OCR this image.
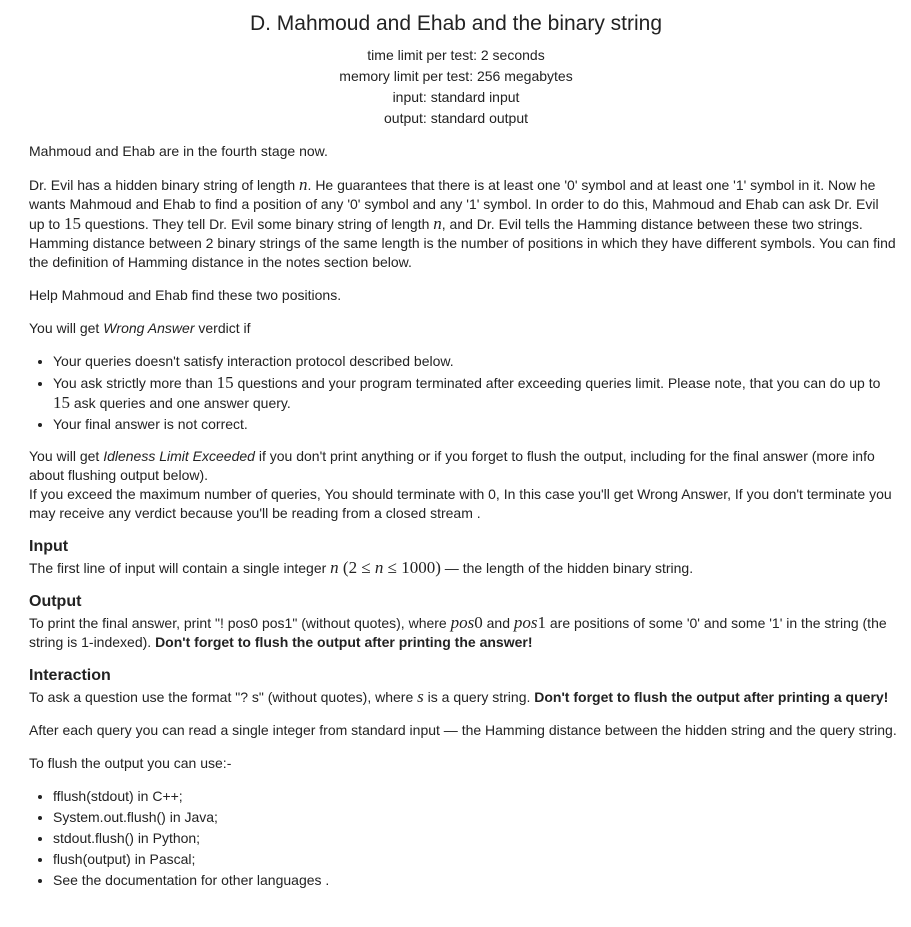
D. Mahmoud and Ehab and the binary string
time limit per test: 2 seconds
memory limit per test: 256 megabytes
input: standard input
output: standard output

Mahmoud and Ehab are in the fourth stage now.

Dr. Evil has a hidden binary string of length n. He guarantees that there is at least one '0' symbol and at least one '1' symbol in it. Now he wants Mahmoud and Ehab to find a position of any '0' symbol and any '1' symbol. In order to do this, Mahmoud and Ehab can ask Dr. Evil up to 15 questions. They tell Dr. Evil some binary string of length n, and Dr. Evil tells the Hamming distance between these two strings. Hamming distance between 2 binary strings of the same length is the number of positions in which they have different symbols. You can find the definition of Hamming distance in the notes section below.

Help Mahmoud and Ehab find these two positions.

You will get Wrong Answer verdict if

• Your queries doesn't satisfy interaction protocol described below.
• You ask strictly more than 15 questions and your program terminated after exceeding queries limit. Please note, that you can do up to 15 ask queries and one answer query.
• Your final answer is not correct.

You will get Idleness Limit Exceeded if you don't print anything or if you forget to flush the output, including for the final answer (more info about flushing output below).

If you exceed the maximum number of queries, You should terminate with 0, In this case you'll get Wrong Answer, If you don't terminate you may receive any verdict because you'll be reading from a closed stream .

Input

The first line of input will contain a single integer n (2 ≤ n ≤ 1000) — the length of the hidden binary string.

Output

To print the final answer, print "! pos0 pos1" (without quotes), where pos0 and pos1 are positions of some '0' and some '1' in the string (the string is 1-indexed). Don't forget to flush the output after printing the answer!

Interaction

To ask a question use the format "? s" (without quotes), where s is a query string. Don't forget to flush the output after printing a query!

After each query you can read a single integer from standard input — the Hamming distance between the hidden string and the query string.

To flush the output you can use:-

• fflush(stdout) in C++;
• System.out.flush() in Java;
• stdout.flush() in Python;
• flush(output) in Pascal;
• See the documentation for other languages .
